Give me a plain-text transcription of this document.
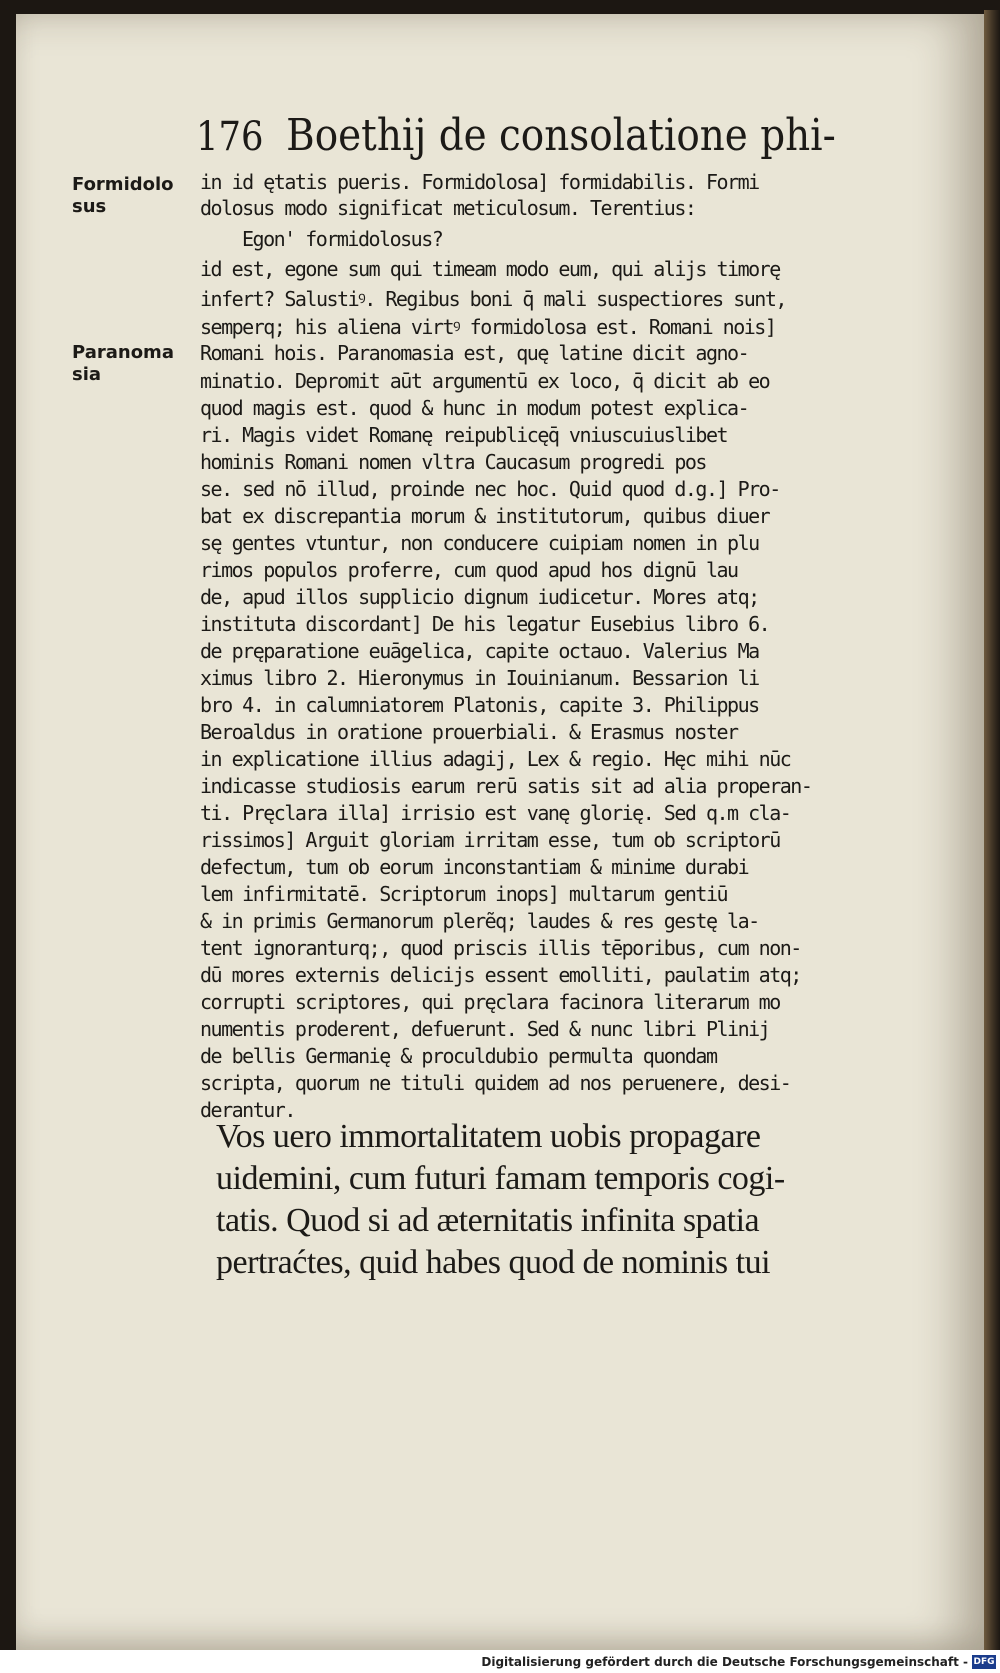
176 Boethij de consolatione phi-
Formidolo
sus
Paranoma
sia
in id ętatis pueris. Formidolosa] formidabilis. Formi
dolosus modo significat meticulosum. Terentius:
Egon' formidolosus?
id est, egone sum qui timeam modo eum, qui alijs timorę
infert? Salustiꝰ. Regibus boni q̄ mali suspectiores sunt,
semperq; his aliena virtꝰ formidolosa est. Romani nois]
Romani hois. Paranomasia est, quę latine dicit agno-
minatio. Depromit aūt argumentū ex loco, q̄ dicit ab eo
quod magis est. quod & hunc in modum potest explica-
ri. Magis videt Romanę reipublicęq̄ vniuscuiuslibet
hominis Romani nomen vltra Caucasum progredi pos
se. sed nō illud, proinde nec hoc. Quid quod d.g.] Pro-
bat ex discrepantia morum & institutorum, quibus diuer
sę gentes vtuntur, non conducere cuipiam nomen in plu
rimos populos proferre, cum quod apud hos dignū lau
de, apud illos supplicio dignum iudicetur. Mores atq;
instituta discordant] De his legatur Eusebius libro 6.
de pręparatione euāgelica, capite octauo. Valerius Ma
ximus libro 2. Hieronymus in Iouinianum. Bessarion li
bro 4. in calumniatorem Platonis, capite 3. Philippus
Beroaldus in oratione prouerbiali. & Erasmus noster
in explicatione illius adagij, Lex & regio. Hęc mihi nūc
indicasse studiosis earum rerū satis sit ad alia properan-
ti. Pręclara illa] irrisio est vanę glorię. Sed q.m cla-
rissimos] Arguit gloriam irritam esse, tum ob scriptorū
defectum, tum ob eorum inconstantiam & minime durabi
lem infirmitatē. Scriptorum inops] multarum gentiū
& in primis Germanorum plerẽq; laudes & res gestę la-
tent ignoranturq;, quod priscis illis tēporibus, cum non-
dū mores externis delicijs essent emolliti, paulatim atq;
corrupti scriptores, qui pręclara facinora literarum mo
numentis proderent, defuerunt. Sed & nunc libri Plinij
de bellis Germanię & proculdubio permulta quondam
scripta, quorum ne tituli quidem ad nos peruenere, desi-
derantur.
Vos uero immortalitatem uobis propagare
uidemini, cum futuri famam temporis cogi-
tatis. Quod si ad æternitatis infinita spatia
pertraćtes, quid habes quod de nominis tui
Digitalisierung gefördert durch die Deutsche Forschungsgemeinschaft - DFG
